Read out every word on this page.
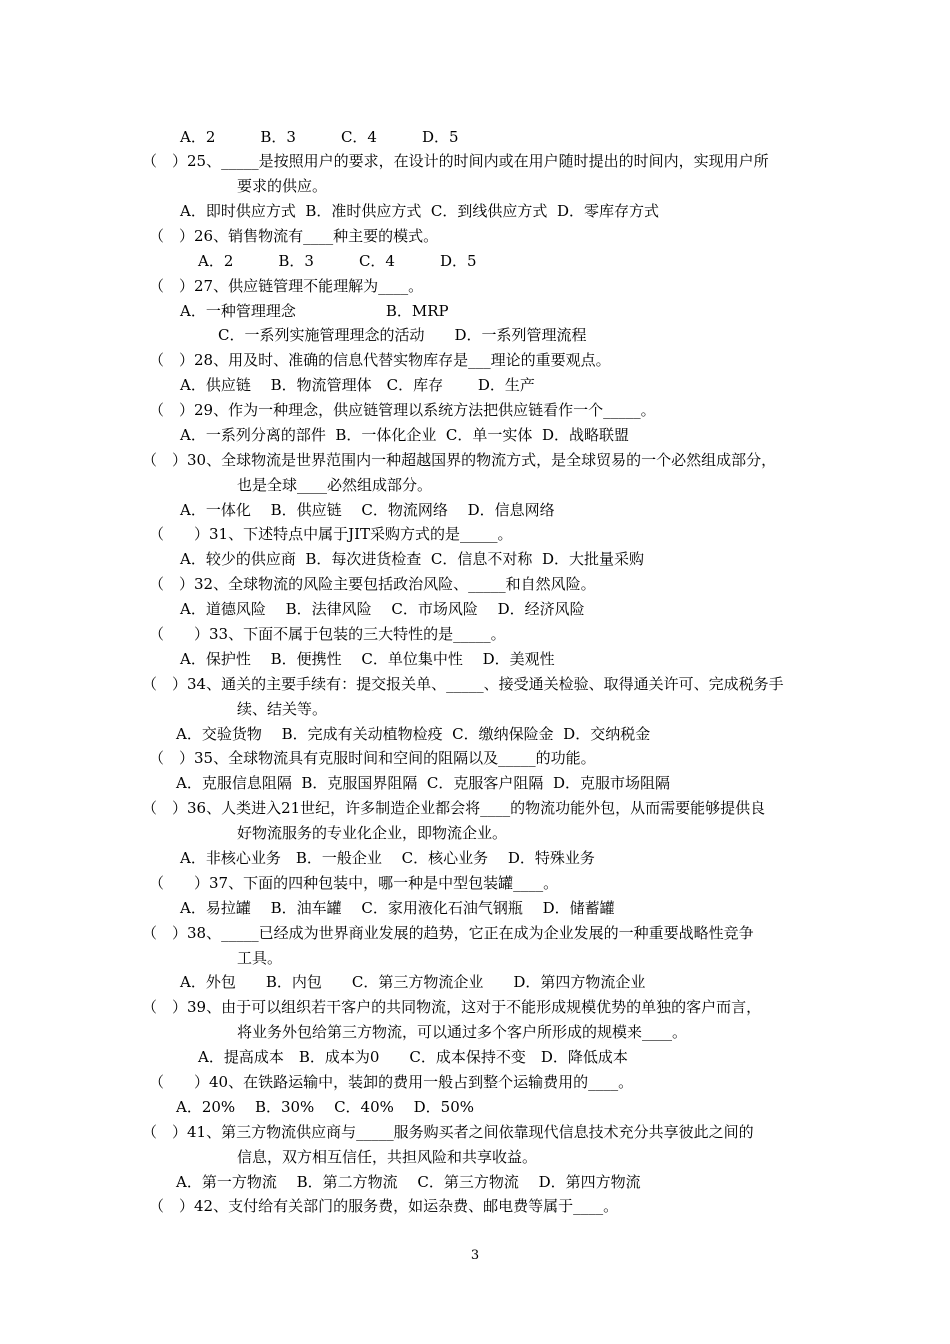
A．2　　　B．3　　　C．4　　　D．5
（　）25、_____是按照用户的要求，在设计的时间内或在用户随时提出的时间内，实现用户所
要求的供应。
A．即时供应方式  B．准时供应方式  C．到线供应方式  D．零库存方式
（　）26、销售物流有____种主要的模式。
A．2　　　B．3　　　C．4　　　D．5
（　）27、供应链管理不能理解为____。
A．一种管理理念　　　　　　B．MRP
C．一系列实施管理理念的活动　　D．一系列管理流程
（　）28、用及时、准确的信息代替实物库存是___理论的重要观点。
A．供应链　 B．物流管理体　C．库存　　 D．生产
（　）29、作为一种理念，供应链管理以系统方法把供应链看作一个_____。
A．一系列分离的部件  B．一体化企业  C．单一实体  D．战略联盟
（　）30、全球物流是世界范围内一种超越国界的物流方式，是全球贸易的一个必然组成部分，
也是全球____必然组成部分。
A．一体化　 B．供应链　 C．物流网络　 D．信息网络
（　　）31、下述特点中属于JIT采购方式的是_____。
A．较少的供应商  B．每次进货检查  C．信息不对称  D．大批量采购
（　）32、全球物流的风险主要包括政治风险、_____和自然风险。
A．道德风险　 B．法律风险　 C．市场风险　 D．经济风险
（　　）33、下面不属于包装的三大特性的是_____。
A．保护性　 B．便携性　 C．单位集中性　 D．美观性
（　）34、通关的主要手续有：提交报关单、_____、接受通关检验、取得通关许可、完成税务手
续、结关等。
A．交验货物　 B．完成有关动植物检疫  C．缴纳保险金  D．交纳税金
（　）35、全球物流具有克服时间和空间的阻隔以及_____的功能。
A．克服信息阻隔  B．克服国界阻隔  C．克服客户阻隔  D．克服市场阻隔
（　）36、人类进入21世纪，许多制造企业都会将____的物流功能外包，从而需要能够提供良
好物流服务的专业化企业，即物流企业。
A．非核心业务　B．一般企业　 C．核心业务　 D．特殊业务
（　　）37、下面的四种包装中，哪一种是中型包装罐____。
A．易拉罐　 B．油车罐　 C．家用液化石油气钢瓶　 D．储蓄罐
（　）38、_____已经成为世界商业发展的趋势，它正在成为企业发展的一种重要战略性竞争
工具。
A．外包　　B．内包　　C．第三方物流企业　　D．第四方物流企业
（　）39、由于可以组织若干客户的共同物流，这对于不能形成规模优势的单独的客户而言，
将业务外包给第三方物流，可以通过多个客户所形成的规模来____。
A．提高成本　B．成本为0　　C．成本保持不变　D．降低成本
（　　）40、在铁路运输中，装卸的费用一般占到整个运输费用的____。
A．20%　 B．30%　 C．40%　 D．50%
（　）41、第三方物流供应商与_____服务购买者之间依靠现代信息技术充分共享彼此之间的
信息，双方相互信任，共担风险和共享收益。
A．第一方物流　 B．第二方物流　 C．第三方物流　 D．第四方物流
（　）42、支付给有关部门的服务费，如运杂费、邮电费等属于____。
3
